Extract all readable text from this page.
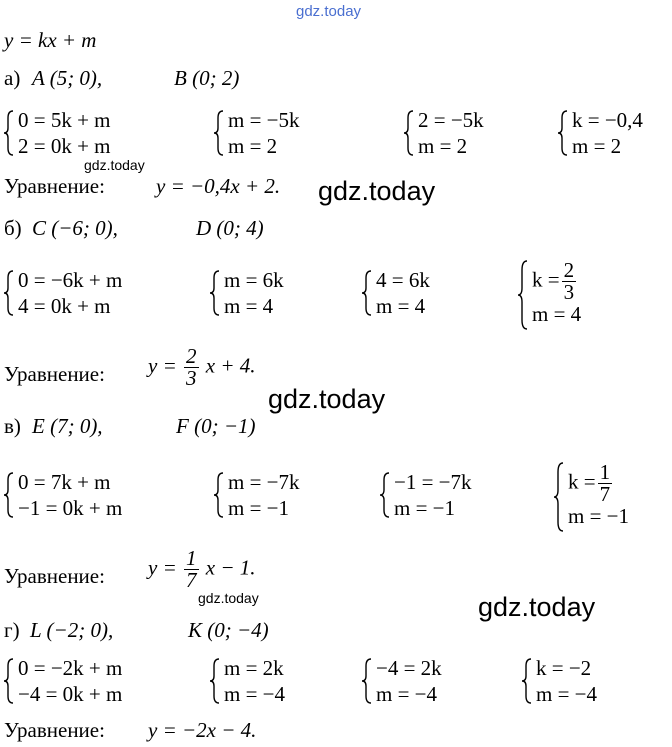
gdz.today
gdz.today
gdz.today
gdz.today
gdz.today	gdz.today
y = kx + m
а) A (5; 0),	B (0; 2)
0 = 5k + m
2 = 0k + m
m = −5k
m = 2
2 = −5k
m = 2
k = −0,4
m = 2
Уравнение: y = −0,4x + 2.
б) C (−6; 0),	D (0; 4)
0 = −6k + m
4 = 0k + m
m = 6k
m = 4
4 = 6k
m = 4
$k = \frac{2}{3}$
m = 4
Уравнение: $y = \frac{2}{3}$ x + 4.
в) E (7; 0),	F (0; −1)
0 = 7k + m
−1 = 0k + m
m = −7k
m = −1
−1 = −7k
m = −1
$k = \frac{1}{7}$
m = −1
Уравнение: $y = \frac{1}{7}$ x − 1.
г) L (−2; 0),	K (0; −4)
0 = −2k + m
−4 = 0k + m
m = 2k
m = −4
−4 = 2k
m = −4
k = −2
m = −4
Уравнение: y = −2x − 4.
